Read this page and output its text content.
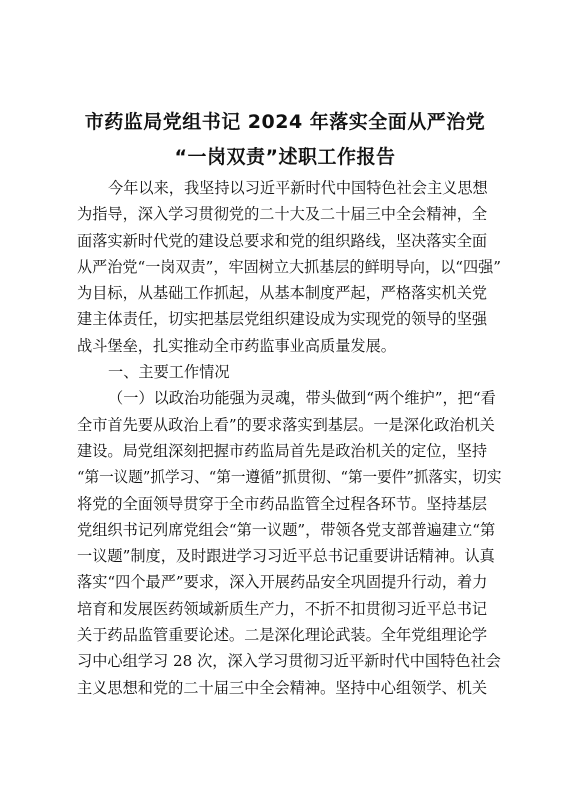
市药监局党组书记 2024 年落实全面从严治党
“一岗双责”述职工作报告
今年以来，我坚持以习近平新时代中国特色社会主义思想
为指导，深入学习贯彻党的二十大及二十届三中全会精神，全
面落实新时代党的建设总要求和党的组织路线，坚决落实全面
从严治党“一岗双责”，牢固树立大抓基层的鲜明导向，以“四强”
为目标，从基础工作抓起，从基本制度严起，严格落实机关党
建主体责任，切实把基层党组织建设成为实现党的领导的坚强
战斗堡垒，扎实推动全市药监事业高质量发展。
一、主要工作情况
（一）以政治功能强为灵魂，带头做到“两个维护”，把“看
全市首先要从政治上看”的要求落实到基层。一是深化政治机关
建设。局党组深刻把握市药监局首先是政治机关的定位，坚持
“第一议题”抓学习、“第一遵循”抓贯彻、“第一要件”抓落实，切实
将党的全面领导贯穿于全市药品监管全过程各环节。坚持基层
党组织书记列席党组会“第一议题”，带领各党支部普遍建立“第
一议题”制度，及时跟进学习习近平总书记重要讲话精神。认真
落实“四个最严”要求，深入开展药品安全巩固提升行动，着力
培育和发展医药领域新质生产力，不折不扣贯彻习近平总书记
关于药品监管重要论述。二是深化理论武装。全年党组理论学
习中心组学习 28 次，深入学习贯彻习近平新时代中国特色社会
主义思想和党的二十届三中全会精神。坚持中心组领学、机关
